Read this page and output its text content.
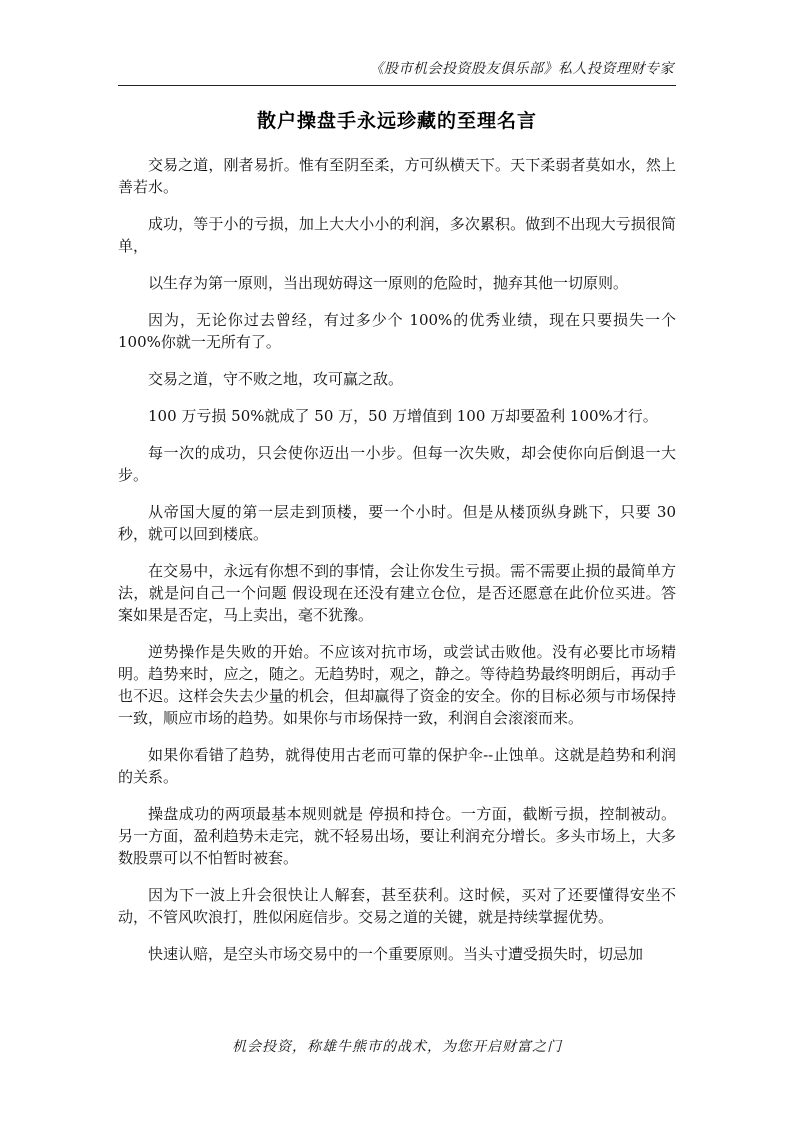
《股市机会投资股友俱乐部》私人投资理财专家
散户操盘手永远珍藏的至理名言

交易之道，刚者易折。惟有至阴至柔，方可纵横天下。天下柔弱者莫如水，然上善若水。

成功，等于小的亏损，加上大大小小的利润，多次累积。做到不出现大亏损很简单，

以生存为第一原则，当出现妨碍这一原则的危险时，抛弃其他一切原则。

因为，无论你过去曾经，有过多少个 100%的优秀业绩，现在只要损失一个 100%你就一无所有了。

交易之道，守不败之地，攻可赢之敌。

100 万亏损 50%就成了 50 万，50 万增值到 100 万却要盈利 100%才行。

每一次的成功，只会使你迈出一小步。但每一次失败，却会使你向后倒退一大步。

从帝国大厦的第一层走到顶楼，要一个小时。但是从楼顶纵身跳下，只要 30 秒，就可以回到楼底。

在交易中，永远有你想不到的事情，会让你发生亏损。需不需要止损的最简单方法，就是问自己一个问题 假设现在还没有建立仓位，是否还愿意在此价位买进。答案如果是否定，马上卖出，毫不犹豫。

逆势操作是失败的开始。不应该对抗市场，或尝试击败他。没有必要比市场精明。趋势来时，应之，随之。无趋势时，观之，静之。等待趋势最终明朗后，再动手也不迟。这样会失去少量的机会，但却赢得了资金的安全。你的目标必须与市场保持一致，顺应市场的趋势。如果你与市场保持一致，利润自会滚滚而来。

如果你看错了趋势，就得使用古老而可靠的保护伞--止蚀单。这就是趋势和利润的关系。

操盘成功的两项最基本规则就是 停损和持仓。一方面，截断亏损，控制被动。另一方面，盈利趋势未走完，就不轻易出场，要让利润充分增长。多头市场上，大多数股票可以不怕暂时被套。

因为下一波上升会很快让人解套，甚至获利。这时候，买对了还要懂得安坐不动，不管风吹浪打，胜似闲庭信步。交易之道的关键，就是持续掌握优势。

快速认赔，是空头市场交易中的一个重要原则。当头寸遭受损失时，切忌加

机会投资，称雄牛熊市的战术，为您开启财富之门
